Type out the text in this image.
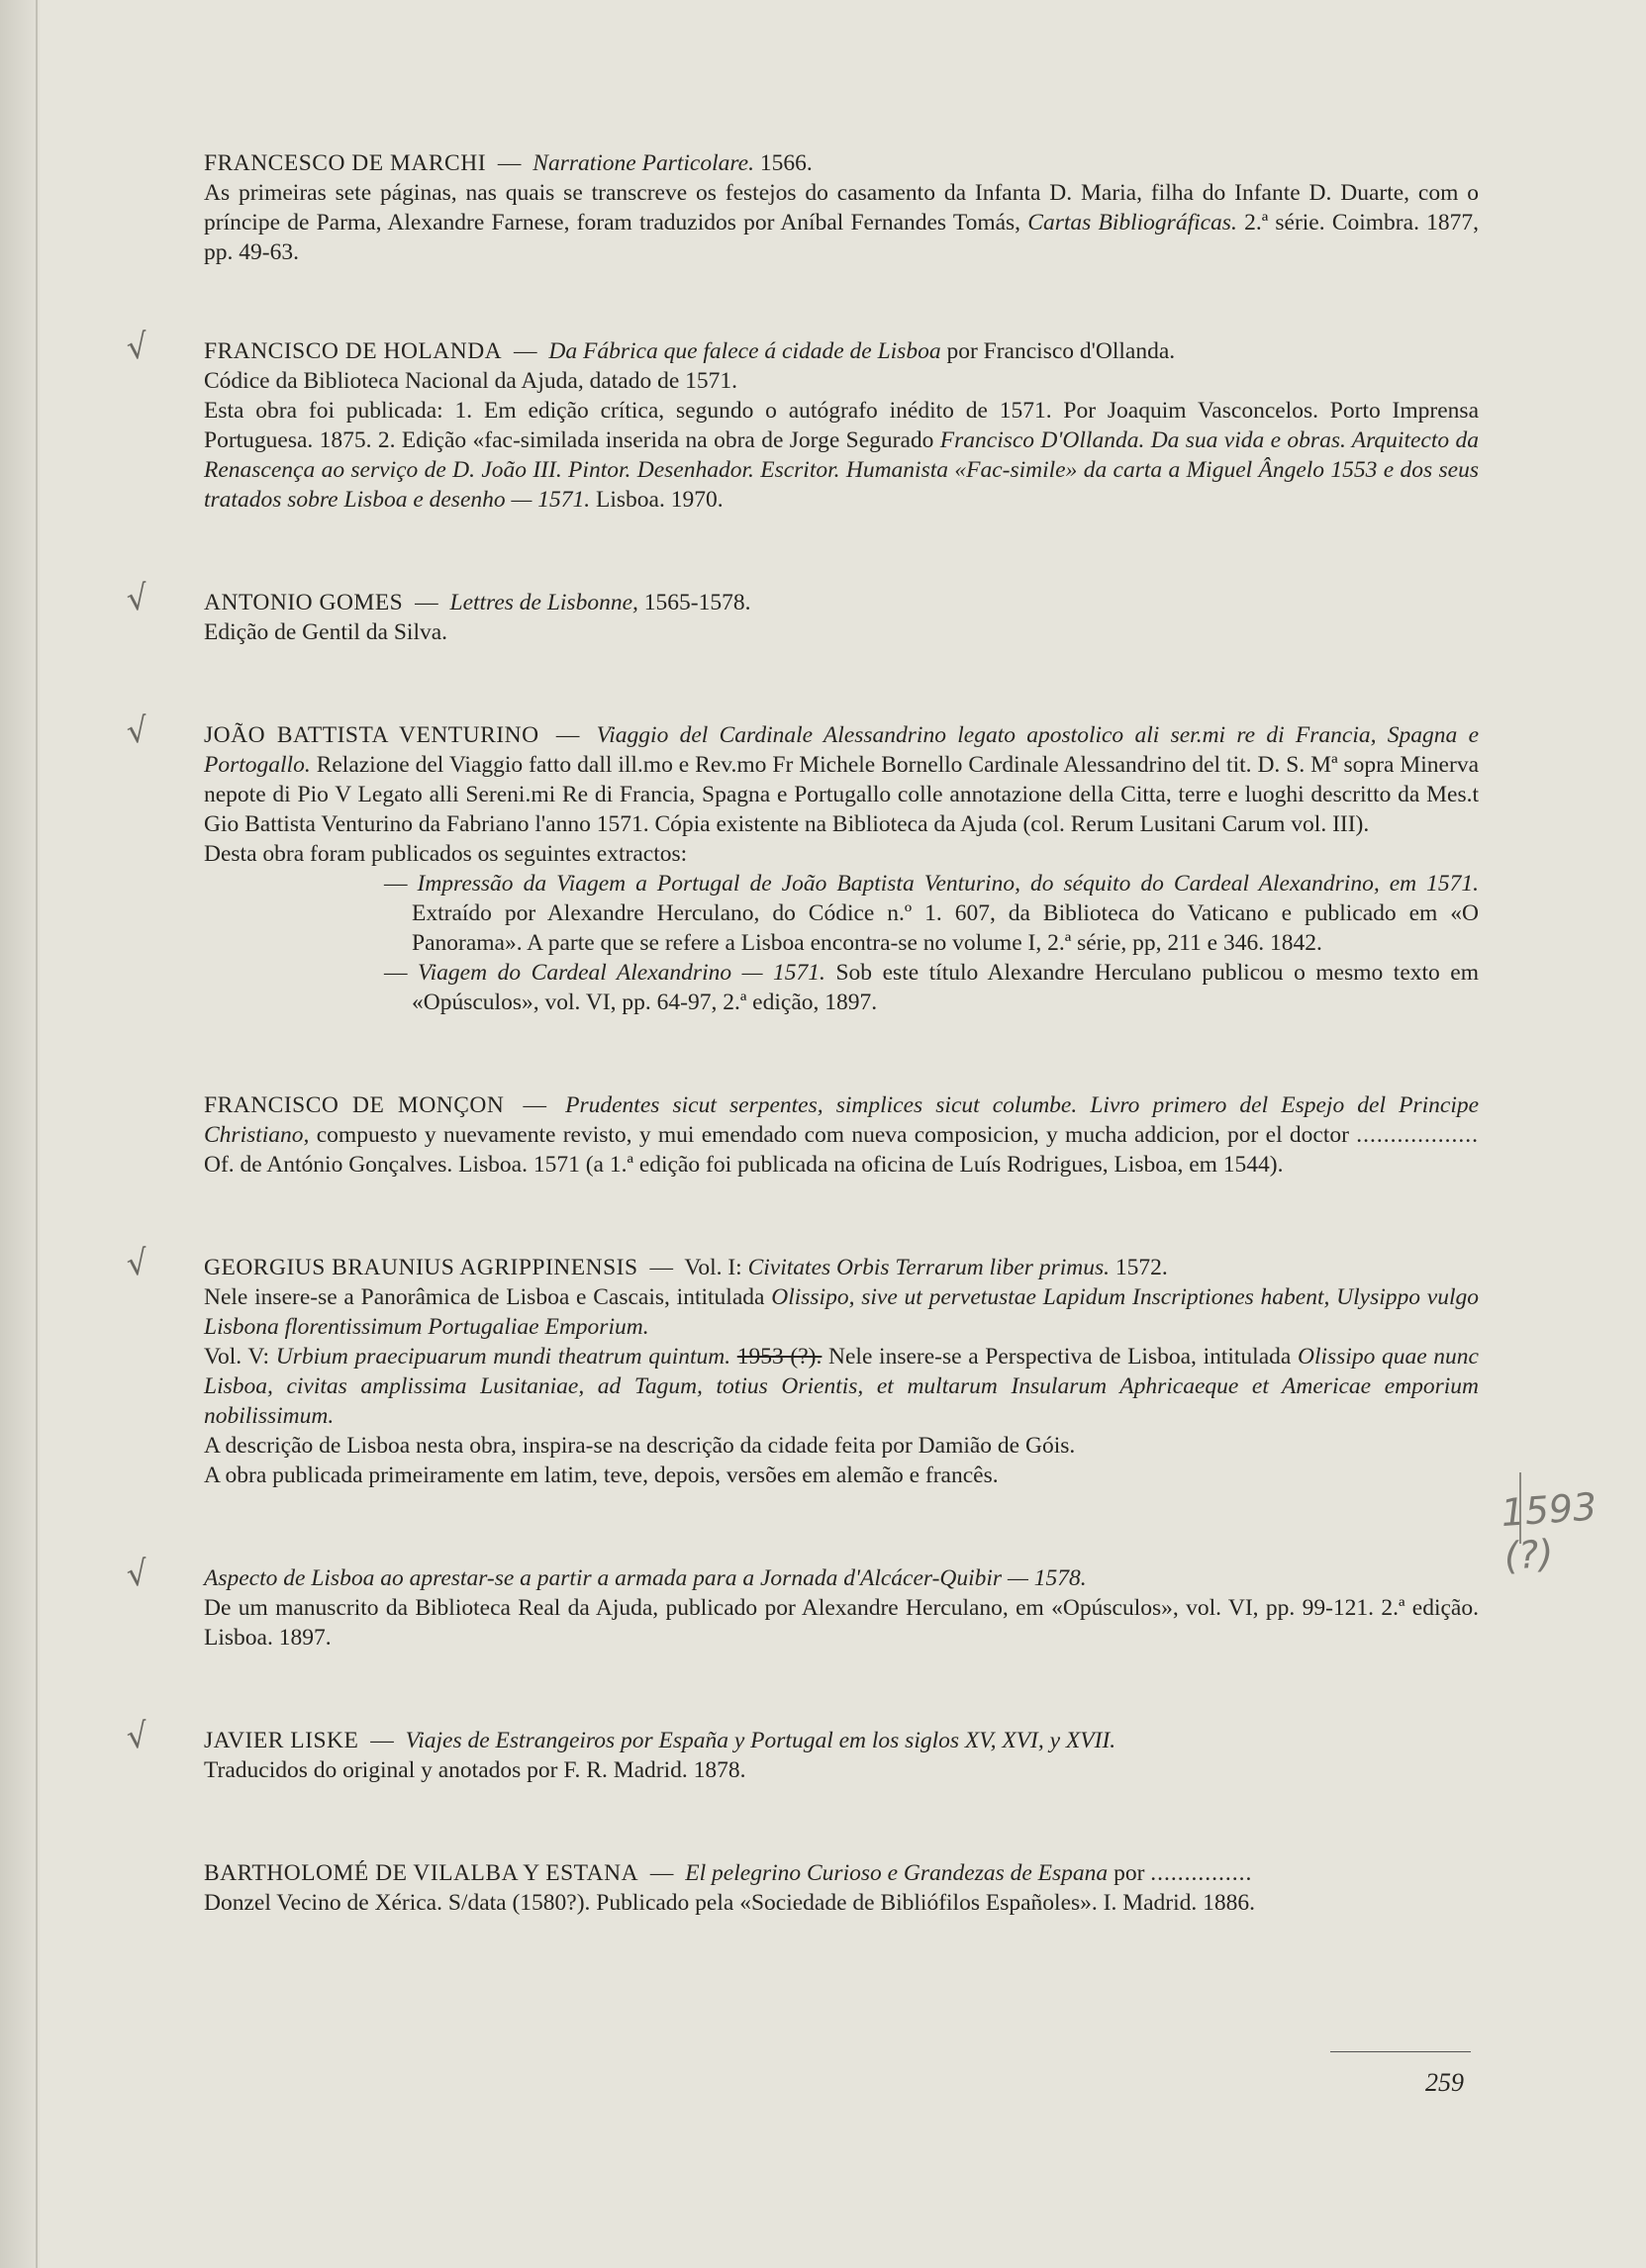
FRANCESCO DE MARCHI — Narratione Particolare. 1566.
As primeiras sete páginas, nas quais se transcreve os festejos do casamento da Infanta D. Maria, filha do Infante D. Duarte, com o príncipe de Parma, Alexandre Farnese, foram traduzidos por Aníbal Fernandes Tomás, Cartas Bibliográficas. 2.ª série. Coimbra. 1877, pp. 49-63.

√ FRANCISCO DE HOLANDA — Da Fábrica que falece á cidade de Lisboa por Francisco d'Ollanda.
Códice da Biblioteca Nacional da Ajuda, datado de 1571.
Esta obra foi publicada: 1. Em edição crítica, segundo o autógrafo inédito de 1571. Por Joaquim Vasconcelos. Porto Imprensa Portuguesa. 1875. 2. Edição «fac-similada inserida na obra de Jorge Segurado Francisco D'Ollanda. Da sua vida e obras. Arquitecto da Renascença ao serviço de D. João III. Pintor. Desenhador. Escritor. Humanista «Fac-simile» da carta a Miguel Ângelo 1553 e dos seus tratados sobre Lisboa e desenho — 1571. Lisboa. 1970.

√ ANTONIO GOMES — Lettres de Lisbonne, 1565-1578.
Edição de Gentil da Silva.

√ JOÃO BATTISTA VENTURINO — Viaggio del Cardinale Alessandrino legato apostolico ali ser.mi re di Francia, Spagna e Portogallo. Relazione del Viaggio fatto dall ill.mo e Rev.mo Fr Michele Bornello Cardinale Alessandrino del tit. D. S. Mª sopra Minerva nepote di Pio V Legato alli Sereni.mi Re di Francia, Spagna e Portugallo colle annotazione della Citta, terre e luoghi descritto da Mes.t Gio Battista Venturino da Fabriano l'anno 1571. Cópia existente na Biblioteca da Ajuda (col. Rerum Lusitani Carum vol. III).
Desta obra foram publicados os seguintes extractos:

— Impressão da Viagem a Portugal de João Baptista Venturino, do séquito do Cardeal Alexandrino, em 1571. Extraído por Alexandre Herculano, do Códice n.º 1. 607, da Biblioteca do Vaticano e publicado em «O Panorama». A parte que se refere a Lisboa encontra-se no volume I, 2.ª série, pp, 211 e 346. 1842.

— Viagem do Cardeal Alexandrino — 1571. Sob este título Alexandre Herculano publicou o mesmo texto em «Opúsculos», vol. VI, pp. 64-97, 2.ª edição, 1897.

FRANCISCO DE MONÇON — Prudentes sicut serpentes, simplices sicut columbe. Livro primero del Espejo del Principe Christiano, compuesto y nuevamente revisto, y mui emendado com nueva composicion, y mucha addicion, por el doctor .................. Of. de António Gonçalves. Lisboa. 1571 (a 1.ª edição foi publicada na oficina de Luís Rodrigues, Lisboa, em 1544).

√ GEORGIUS BRAUNIUS AGRIPPINENSIS — Vol. I: Civitates Orbis Terrarum liber primus. 1572.
Nele insere-se a Panorâmica de Lisboa e Cascais, intitulada Olissipo, sive ut pervetustae Lapidum Inscriptiones habent, Ulysippo vulgo Lisbona florentissimum Portugaliae Emporium.
Vol. V: Urbium praecipuarum mundi theatrum quintum. 1953 (?). Nele insere-se a Perspectiva de Lisboa, intitulada Olissipo quae nunc Lisboa, civitas amplissima Lusitaniae, ad Tagum, totius Orientis, et multarum Insularum Aphricaeque et Americae emporium nobilissimum.
A descrição de Lisboa nesta obra, inspira-se na descrição da cidade feita por Damião de Góis.
A obra publicada primeiramente em latim, teve, depois, versões em alemão e francês.

√ Aspecto de Lisboa ao aprestar-se a partir a armada para a Jornada d'Alcácer-Quibir — 1578.
De um manuscrito da Biblioteca Real da Ajuda, publicado por Alexandre Herculano, em «Opúsculos», vol. VI, pp. 99-121. 2.ª edição. Lisboa. 1897.

√ JAVIER LISKE — Viajes de Estrangeiros por España y Portugal em los siglos XV, XVI, y XVII.
Traducidos do original y anotados por F. R. Madrid. 1878.

BARTHOLOMÉ DE VILALBA Y ESTANA — El pelegrino Curioso e Grandezas de Espana por ...............
Donzel Vecino de Xérica. S/data (1580?). Publicado pela «Sociedade de Bibliófilos Españoles». I. Madrid. 1886.

1593 (?)
259
